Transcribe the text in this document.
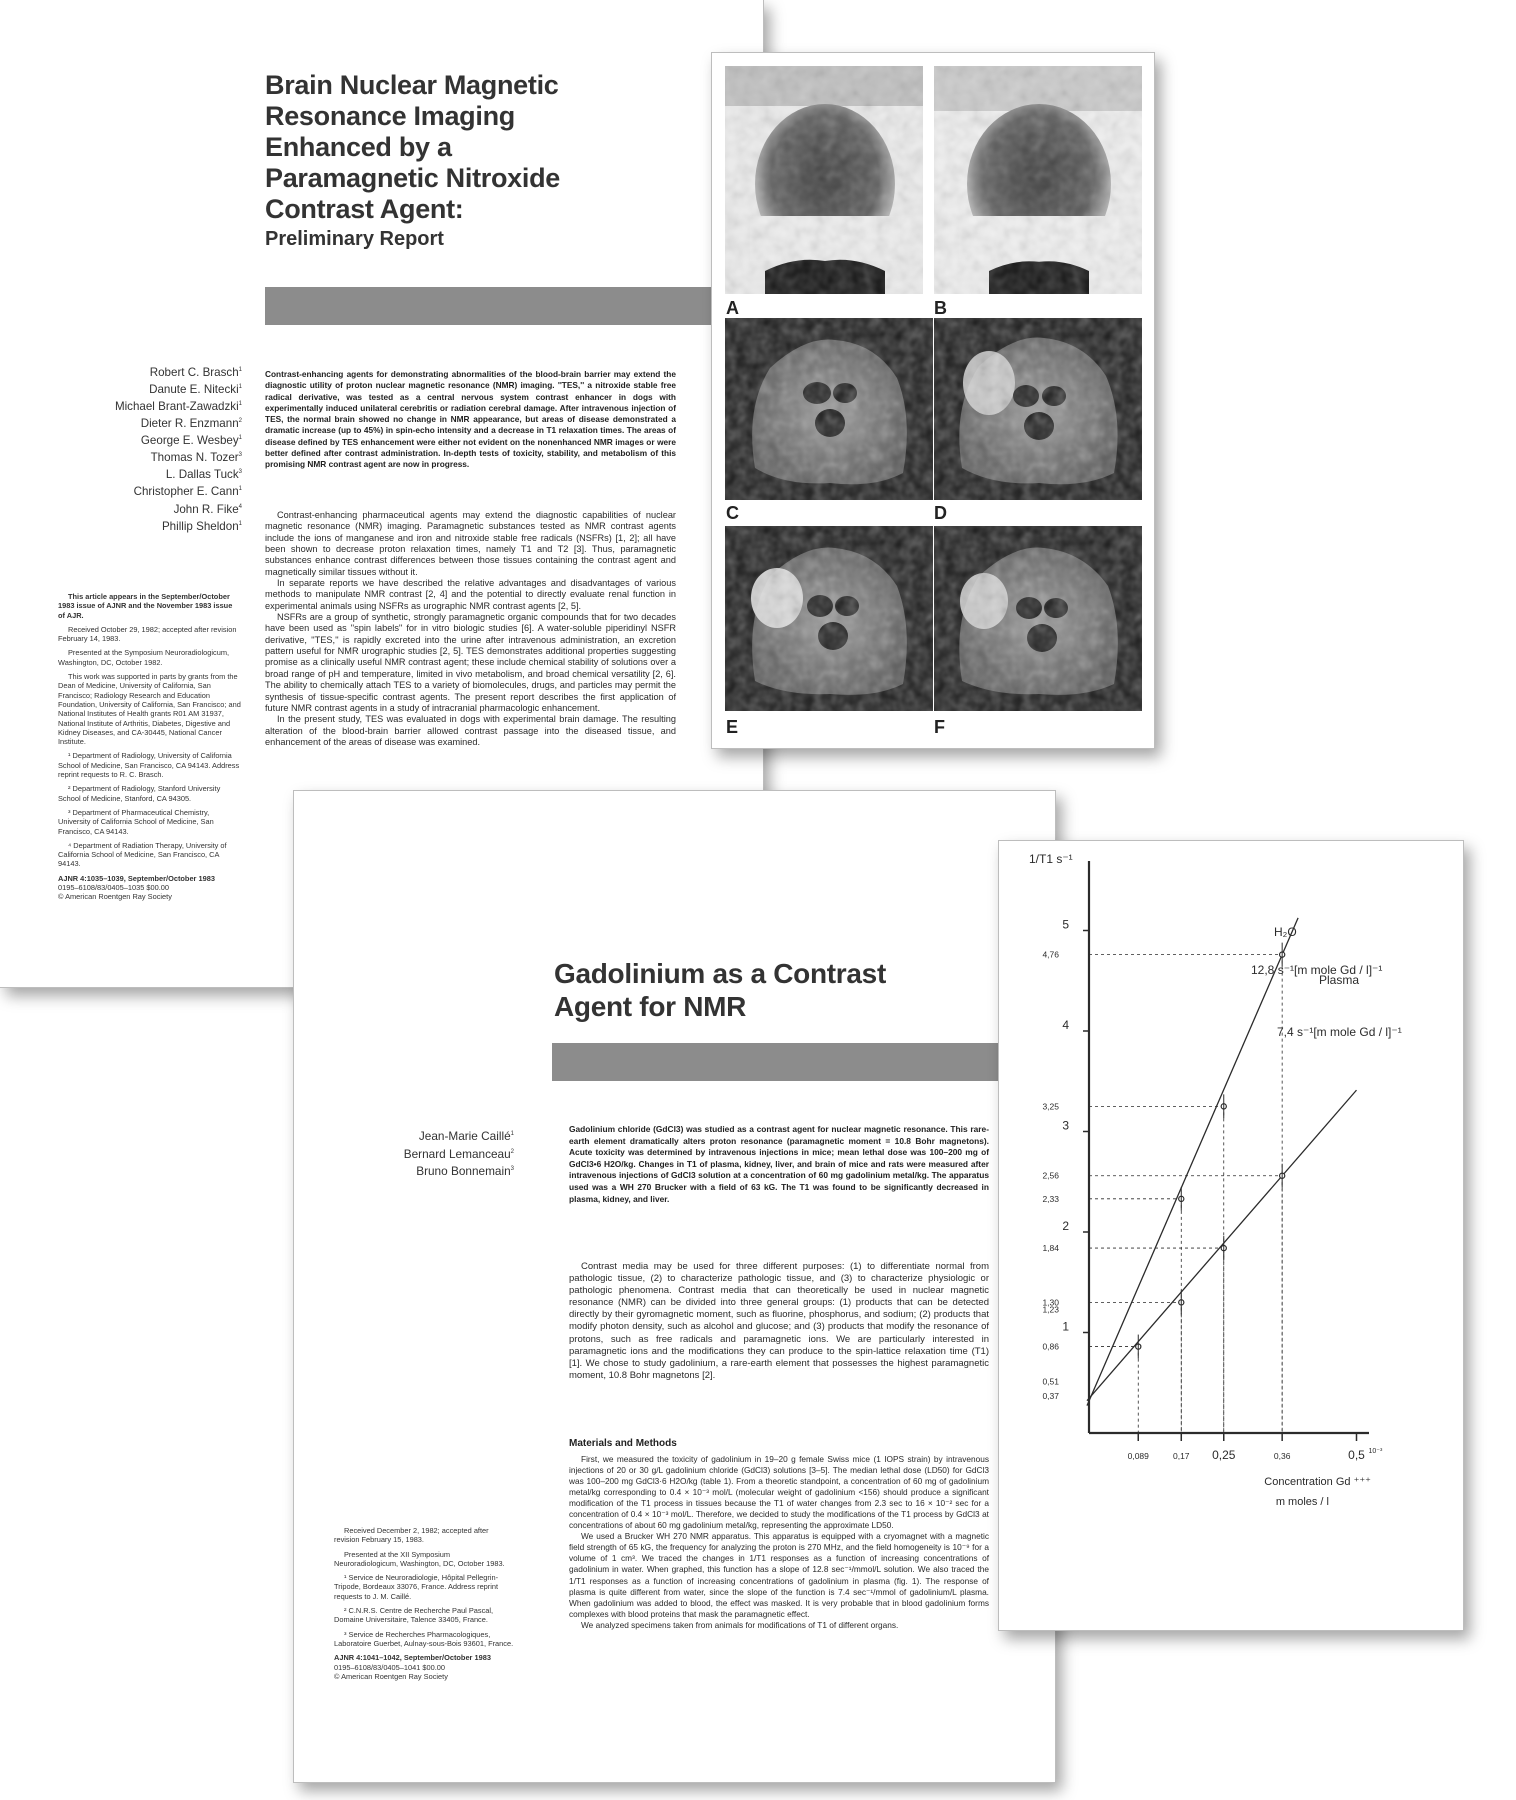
Brain Nuclear Magnetic
Resonance Imaging
Enhanced by a
Paramagnetic Nitroxide
Contrast Agent:
Preliminary Report
Robert C. Brasch$^1$
Danute E. Nitecki$^1$
Michael Brant-Zawadzki$^1$
Dieter R. Enzmann$^2$
George E. Wesbey$^1$
Thomas N. Tozer$^3$
L. Dallas Tuck$^3$
Christopher E. Cann$^1$
John R. Fike$^4$
Phillip Sheldon$^1$
Contrast-enhancing agents for demonstrating abnormalities of the blood-brain barrier may extend the diagnostic utility of proton nuclear magnetic resonance (NMR) imaging. ''TES,'' a nitroxide stable free radical derivative, was tested as a central nervous system contrast enhancer in dogs with experimentally induced unilateral cerebritis or radiation cerebral damage. After intravenous injection of TES, the normal brain showed no change in NMR appearance, but areas of disease demonstrated a dramatic increase (up to 45%) in spin-echo intensity and a decrease in T1 relaxation times. The areas of disease defined by TES enhancement were either not evident on the nonenhanced NMR images or were better defined after contrast administration. In-depth tests of toxicity, stability, and metabolism of this promising NMR contrast agent are now in progress.

Contrast-enhancing pharmaceutical agents may extend the diagnostic capabilities of nuclear magnetic resonance (NMR) imaging. Paramagnetic substances tested as NMR contrast agents include the ions of manganese and iron and nitroxide stable free radicals (NSFRs) [1, 2]; all have been shown to decrease proton relaxation times, namely T1 and T2 [3]. Thus, paramagnetic substances enhance contrast differences between those tissues containing the contrast agent and magnetically similar tissues without it.

In separate reports we have described the relative advantages and disadvantages of various methods to manipulate NMR contrast [2, 4] and the potential to directly evaluate renal function in experimental animals using NSFRs as urographic NMR contrast agents [2, 5].

NSFRs are a group of synthetic, strongly paramagnetic organic compounds that for two decades have been used as ''spin labels'' for in vitro biologic studies [6]. A water-soluble piperidinyl NSFR derivative, ''TES,'' is rapidly excreted into the urine after intravenous administration, an excretion pattern useful for NMR urographic studies [2, 5]. TES demonstrates additional properties suggesting promise as a clinically useful NMR contrast agent; these include chemical stability of solutions over a broad range of pH and temperature, limited in vivo metabolism, and broad chemical versatility [2, 6]. The ability to chemically attach TES to a variety of biomolecules, drugs, and particles may permit the synthesis of tissue-specific contrast agents. The present report describes the first application of future NMR contrast agents in a study of intracranial pharmacologic enhancement.

In the present study, TES was evaluated in dogs with experimental brain damage. The resulting alteration of the blood-brain barrier allowed contrast passage into the diseased tissue, and enhancement of the areas of disease was examined.

This article appears in the September/October 1983 issue of AJNR and the November 1983 issue of AJR.

Received October 29, 1982; accepted after revision February 14, 1983.

Presented at the Symposium Neuroradiologicum, Washington, DC, October 1982.

This work was supported in parts by grants from the Dean of Medicine, University of California, San Francisco; Radiology Research and Education Foundation, University of California, San Francisco; and National Institutes of Health grants R01 AM 31937, National Institute of Arthritis, Diabetes, Digestive and Kidney Diseases, and CA-30445, National Cancer Institute.

¹ Department of Radiology, University of California School of Medicine, San Francisco, CA 94143. Address reprint requests to R. C. Brasch.

² Department of Radiology, Stanford University School of Medicine, Stanford, CA 94305.

³ Department of Pharmaceutical Chemistry, University of California School of Medicine, San Francisco, CA 94143.

⁴ Department of Radiation Therapy, University of California School of Medicine, San Francisco, CA 94143.

AJNR 4:1035–1039, September/October 1983

0195–6108/83/0405–1035 $00.00

© American Roentgen Ray Society

A	B
C	D
E	F
Gadolinium as a Contrast
Agent for NMR
Jean-Marie Caillé$^1$
Bernard Lemanceau$^2$
Bruno Bonnemain$^3$
Gadolinium chloride (GdCl3) was studied as a contrast agent for nuclear magnetic resonance. This rare-earth element dramatically alters proton resonance (paramagnetic moment = 10.8 Bohr magnetons). Acute toxicity was determined by intravenous injections in mice; mean lethal dose was 100–200 mg of GdCl3•6 H2O/kg. Changes in T1 of plasma, kidney, liver, and brain of mice and rats were measured after intravenous injections of GdCl3 solution at a concentration of 60 mg gadolinium metal/kg. The apparatus used was a WH 270 Brucker with a field of 63 kG. The T1 was found to be significantly decreased in plasma, kidney, and liver.

Contrast media may be used for three different purposes: (1) to differentiate normal from pathologic tissue, (2) to characterize pathologic tissue, and (3) to characterize physiologic or pathologic phenomena. Contrast media that can theoretically be used in nuclear magnetic resonance (NMR) can be divided into three general groups: (1) products that can be detected directly by their gyromagnetic moment, such as fluorine, phosphorus, and sodium; (2) products that modify photon density, such as alcohol and glucose; and (3) products that modify the resonance of protons, such as free radicals and paramagnetic ions. We are particularly interested in paramagnetic ions and the modifications they can produce to the spin-lattice relaxation time (T1) [1]. We chose to study gadolinium, a rare-earth element that possesses the highest paramagnetic moment, 10.8 Bohr magnetons [2].

Materials and Methods

First, we measured the toxicity of gadolinium in 19–20 g female Swiss mice (1 IOPS strain) by intravenous injections of 20 or 30 g/L gadolinium chloride (GdCl3) solutions [3–5]. The median lethal dose (LD50) for GdCl3 was 100–200 mg GdCl3·6 H2O/kg (table 1). From a theoretic standpoint, a concentration of 60 mg of gadolinium metal/kg corresponding to 0.4 × 10⁻³ mol/L (molecular weight of gadolinium <156) should produce a significant modification of the T1 process in tissues because the T1 of water changes from 2.3 sec to 16 × 10⁻² sec for a concentration of 0.4 × 10⁻³ mol/L. Therefore, we decided to study the modifications of the T1 process by GdCl3 at concentrations of about 60 mg gadolinium metal/kg, representing the approximate LD50.

We used a Brucker WH 270 NMR apparatus. This apparatus is equipped with a cryomagnet with a magnetic field strength of 65 kG, the frequency for analyzing the proton is 270 MHz, and the field homogeneity is 10⁻⁹ for a volume of 1 cm³. We traced the changes in 1/T1 responses as a function of increasing concentrations of gadolinium in water. When graphed, this function has a slope of 12.8 sec⁻¹/mmol/L solution. We also traced the 1/T1 responses as a function of increasing concentrations of gadolinium in plasma (fig. 1). The response of plasma is quite different from water, since the slope of the function is 7.4 sec⁻¹/mmol of gadolinium/L plasma. When gadolinium was added to blood, the effect was masked. It is very probable that in blood gadolinium forms complexes with blood proteins that mask the paramagnetic effect.

We analyzed specimens taken from animals for modifications of T1 of different organs.

Received December 2, 1982; accepted after revision February 15, 1983.

Presented at the XII Symposium Neuroradiologicum, Washington, DC, October 1983.

¹ Service de Neuroradiologie, Hôpital Pellegrin-Tripode, Bordeaux 33076, France. Address reprint requests to J. M. Caillé.

² C.N.R.S. Centre de Recherche Paul Pascal, Domaine Universitaire, Talence 33405, France.

³ Service de Recherches Pharmacologiques, Laboratoire Guerbet, Aulnay-sous-Bois 93601, France.

AJNR 4:1041–1042, September/October 1983

0195–6108/83/0405–1041 $00.00

© American Roentgen Ray Society

1/T1 s⁻¹
1
2
3
4
5
0,37
0,51
0,86
1,23
1,30
1,84
2,33
2,56
3,25
4,76
0,089	0,17 0,25	0,36	0,5 10⁻³
Concentration Gd ⁺⁺⁺
m moles / l
H₂O
12,8 s⁻¹[m mole Gd / l]⁻¹
Plasma
7,4 s⁻¹[m mole Gd / l]⁻¹
